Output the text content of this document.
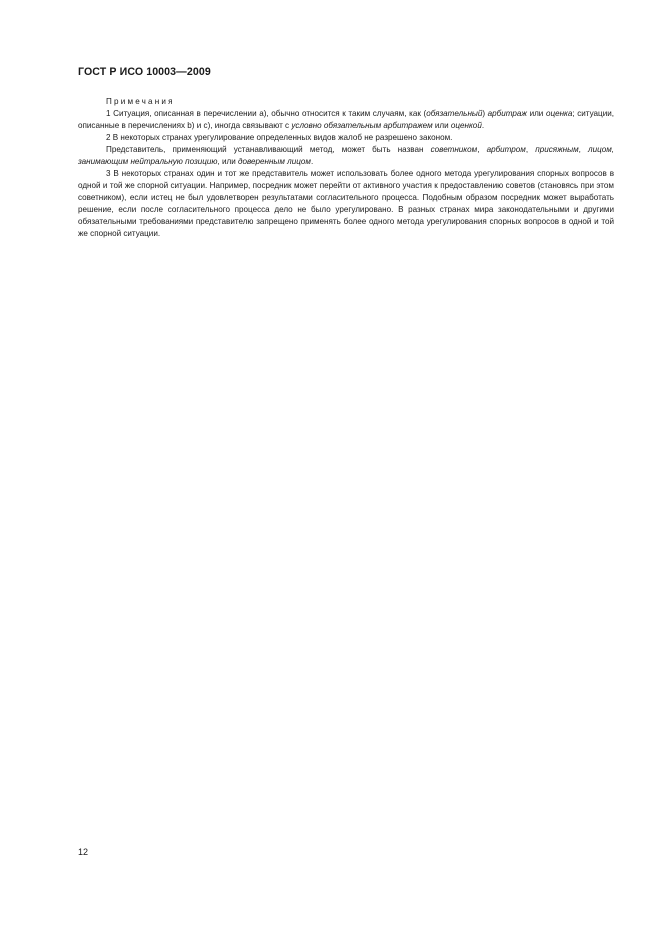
ГОСТ Р ИСО 10003—2009
Примечания

1 Ситуация, описанная в перечислении а), обычно относится к таким случаям, как (обязательный) арбитраж или оценка; ситуации, описанные в перечислениях b) и c), иногда связывают с условно обязательным арбитражем или оценкой.

2 В некоторых странах урегулирование определенных видов жалоб не разрешено законом.

Представитель, применяющий устанавливающий метод, может быть назван советником, арбитром, присяжным, лицом, занимающим нейтральную позицию, или доверенным лицом.

3 В некоторых странах один и тот же представитель может использовать более одного метода урегулирования спорных вопросов в одной и той же спорной ситуации. Например, посредник может перейти от активного участия к предоставлению советов (становясь при этом советником), если истец не был удовлетворен результатами согласительного процесса. Подобным образом посредник может выработать решение, если после согласительного процесса дело не было урегулировано. В разных странах мира законодательными и другими обязательными требованиями представителю запрещено применять более одного метода урегулирования спорных вопросов в одной и той же спорной ситуации.

12
